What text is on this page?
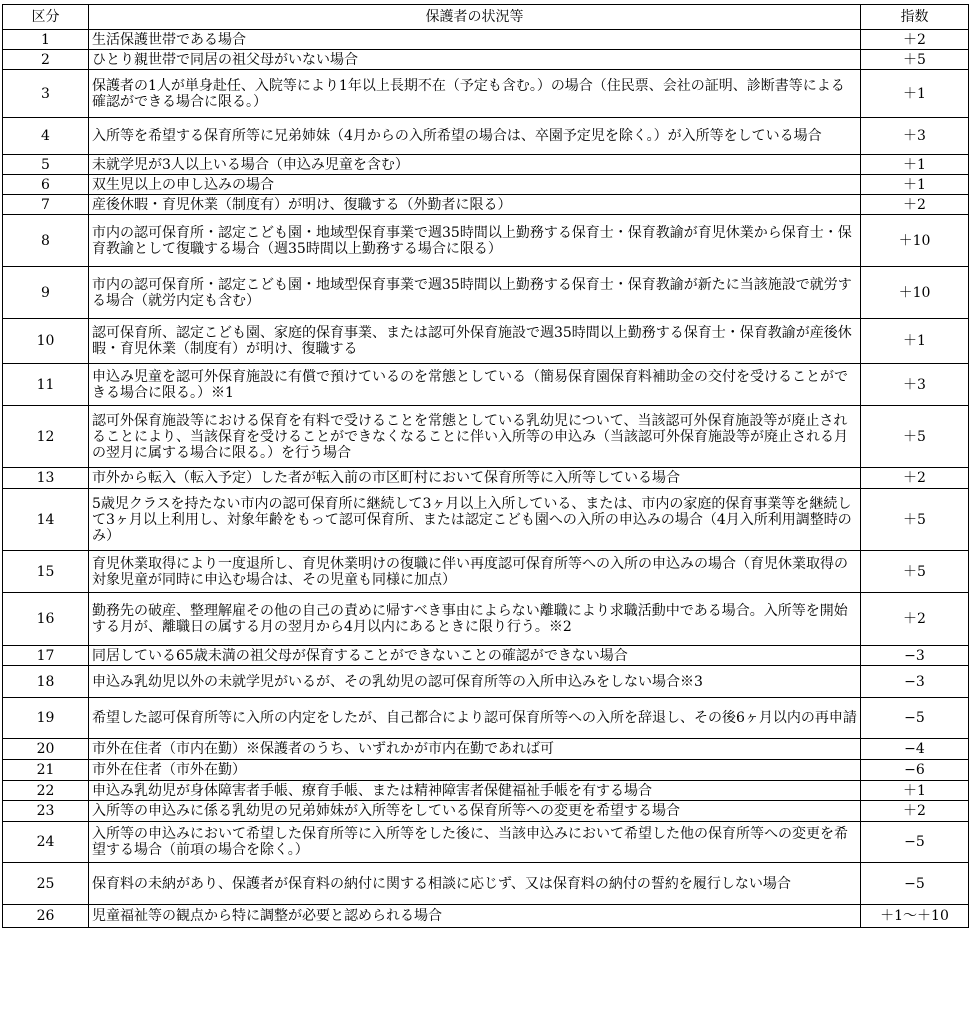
区分	保護者の状況等	指数
1	生活保護世帯である場合	＋2
2	ひとり親世帯で同居の祖父母がいない場合	＋5
3	保護者の1人が単身赴任、入院等により1年以上長期不在（予定も含む。）の場合（住民票、会社の証明、診断書等による確認ができる場合に限る。）	＋1
4	入所等を希望する保育所等に兄弟姉妹（4月からの入所希望の場合は、卒園予定児を除く。）が入所等をしている場合	＋3
5	未就学児が3人以上いる場合（申込み児童を含む）	＋1
6	双生児以上の申し込みの場合	＋1
7	産後休暇・育児休業（制度有）が明け、復職する（外勤者に限る）	＋2
8	市内の認可保育所・認定こども園・地域型保育事業で週35時間以上勤務する保育士・保育教諭が育児休業から保育士・保育教諭として復職する場合（週35時間以上勤務する場合に限る）	＋10
9	市内の認可保育所・認定こども園・地域型保育事業で週35時間以上勤務する保育士・保育教諭が新たに当該施設で就労する場合（就労内定も含む）	＋10
10	認可保育所、認定こども園、家庭的保育事業、または認可外保育施設で週35時間以上勤務する保育士・保育教諭が産後休暇・育児休業（制度有）が明け、復職する	＋1
11	申込み児童を認可外保育施設に有償で預けているのを常態としている（簡易保育園保育料補助金の交付を受けることができる場合に限る。）※1	＋3
12	認可外保育施設等における保育を有料で受けることを常態としている乳幼児について、当該認可外保育施設等が廃止されることにより、当該保育を受けることができなくなることに伴い入所等の申込み（当該認可外保育施設等が廃止される月の翌月に属する場合に限る。）を行う場合	＋5
13	市外から転入（転入予定）した者が転入前の市区町村において保育所等に入所等している場合	＋2
14	5歳児クラスを持たない市内の認可保育所に継続して3ヶ月以上入所している、または、市内の家庭的保育事業等を継続して3ヶ月以上利用し、対象年齢をもって認可保育所、または認定こども園への入所の申込みの場合（4月入所利用調整時のみ）	＋5
15	育児休業取得により一度退所し、育児休業明けの復職に伴い再度認可保育所等への入所の申込みの場合（育児休業取得の対象児童が同時に申込む場合は、その児童も同様に加点）	＋5
16	勤務先の破産、整理解雇その他の自己の責めに帰すべき事由によらない離職により求職活動中である場合。入所等を開始する月が、離職日の属する月の翌月から4月以内にあるときに限り行う。※2	＋2
17	同居している65歳未満の祖父母が保育することができないことの確認ができない場合	−3
18	申込み乳幼児以外の未就学児がいるが、その乳幼児の認可保育所等の入所申込みをしない場合※3	−3
19	希望した認可保育所等に入所の内定をしたが、自己都合により認可保育所等への入所を辞退し、その後6ヶ月以内の再申請	−5
20	市外在住者（市内在勤）※保護者のうち、いずれかが市内在勤であれば可	−4
21	市外在住者（市外在勤）	−6
22	申込み乳幼児が身体障害者手帳、療育手帳、または精神障害者保健福祉手帳を有する場合	＋1
23	入所等の申込みに係る乳幼児の兄弟姉妹が入所等をしている保育所等への変更を希望する場合	＋2
24	入所等の申込みにおいて希望した保育所等に入所等をした後に、当該申込みにおいて希望した他の保育所等への変更を希望する場合（前項の場合を除く。）	−5
25	保育料の未納があり、保護者が保育料の納付に関する相談に応じず、又は保育料の納付の誓約を履行しない場合	−5
26	児童福祉等の観点から特に調整が必要と認められる場合	＋1～＋10
